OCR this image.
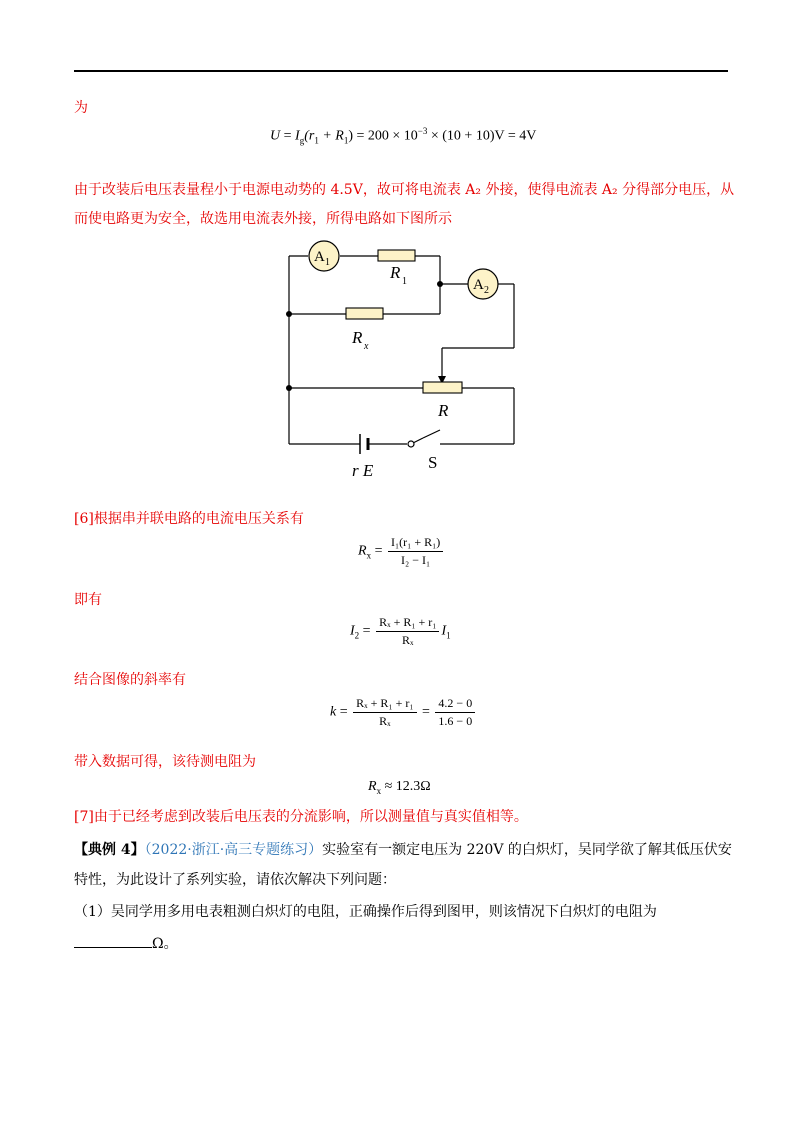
为
$U = I_g(r_1 + R_1) = 200 \times 10^{-3} \times (10 + 10)V = 4V$
由于改装后电压表量程小于电源电动势的 4.5V，故可将电流表 A₂ 外接，使得电流表 A₂ 分得部分电压，从
而使电路更为安全，故选用电流表外接，所得电路如下图所示
A 1
A 2
R 1
R x
R
r E	S
[6]根据串并联电路的电流电压关系有
$R_x = \frac{\text{I₁(r₁ + R₁)}}{\text{I₂ − I₁}}$
即有
$I_2 = \frac{\text{Rₓ + R₁ + r₁}}{\text{Rₓ}} I_1$
结合图像的斜率有
$k = \frac{\text{Rₓ + R₁ + r₁}}{\text{Rₓ}} = \frac{4.2 - 0}{1.6 - 0}$
带入数据可得，该待测电阻为
$R_x \approx 12.3\Omega$
[7]由于已经考虑到改装后电压表的分流影响，所以测量值与真实值相等。
【典例 4】（2022·浙江·高三专题练习）实验室有一额定电压为 220V 的白炽灯，吴同学欲了解其低压伏安
特性，为此设计了系列实验，请依次解决下列问题：
（1）吴同学用多用电表粗测白炽灯的电阻，正确操作后得到图甲，则该情况下白炽灯的电阻为
Ω。
